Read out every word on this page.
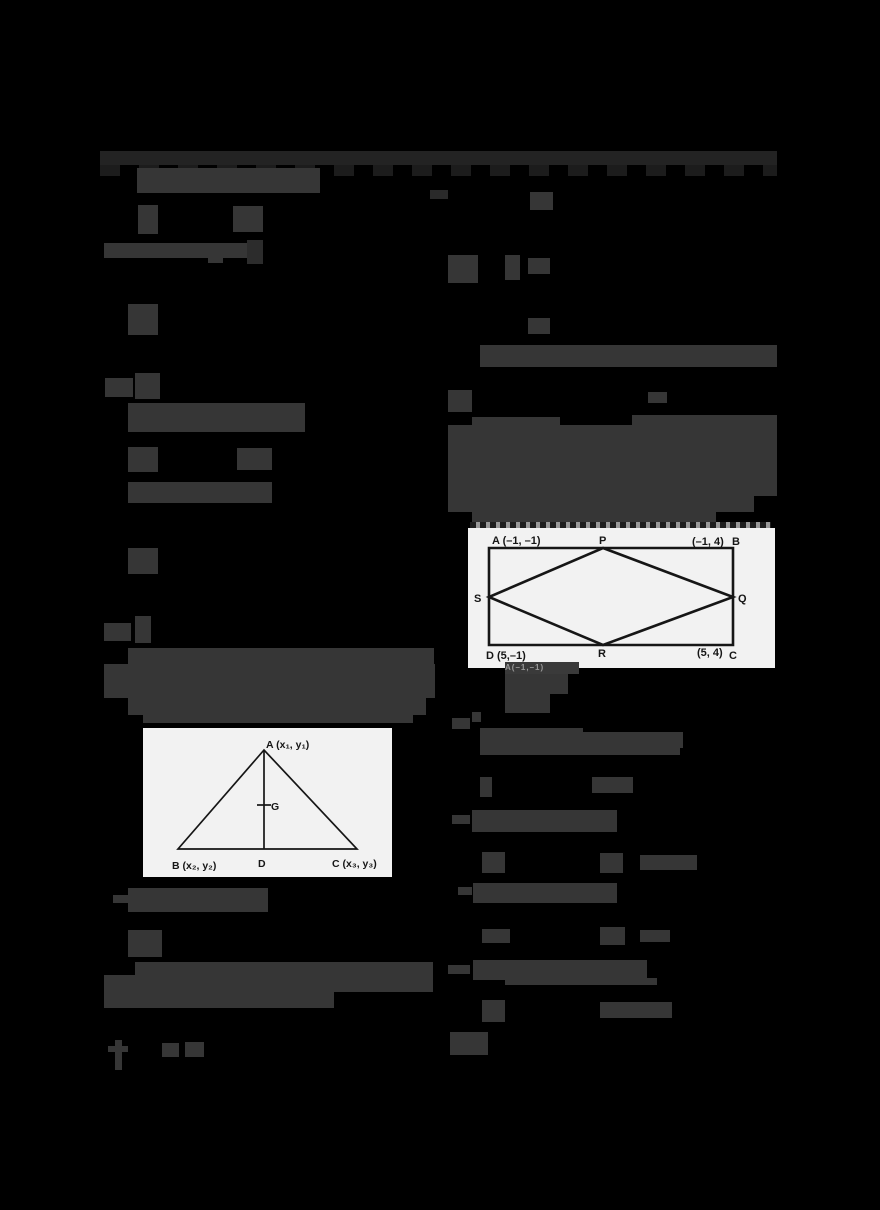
A (x₁, y₁)
B (x₂, y₂)	C (x₃, y₃)
D
G
A (–1, –1)	P	(–1, 4) B
S	Q
D (5,–1)	R	(5, 4) C
A(–1,–1)
